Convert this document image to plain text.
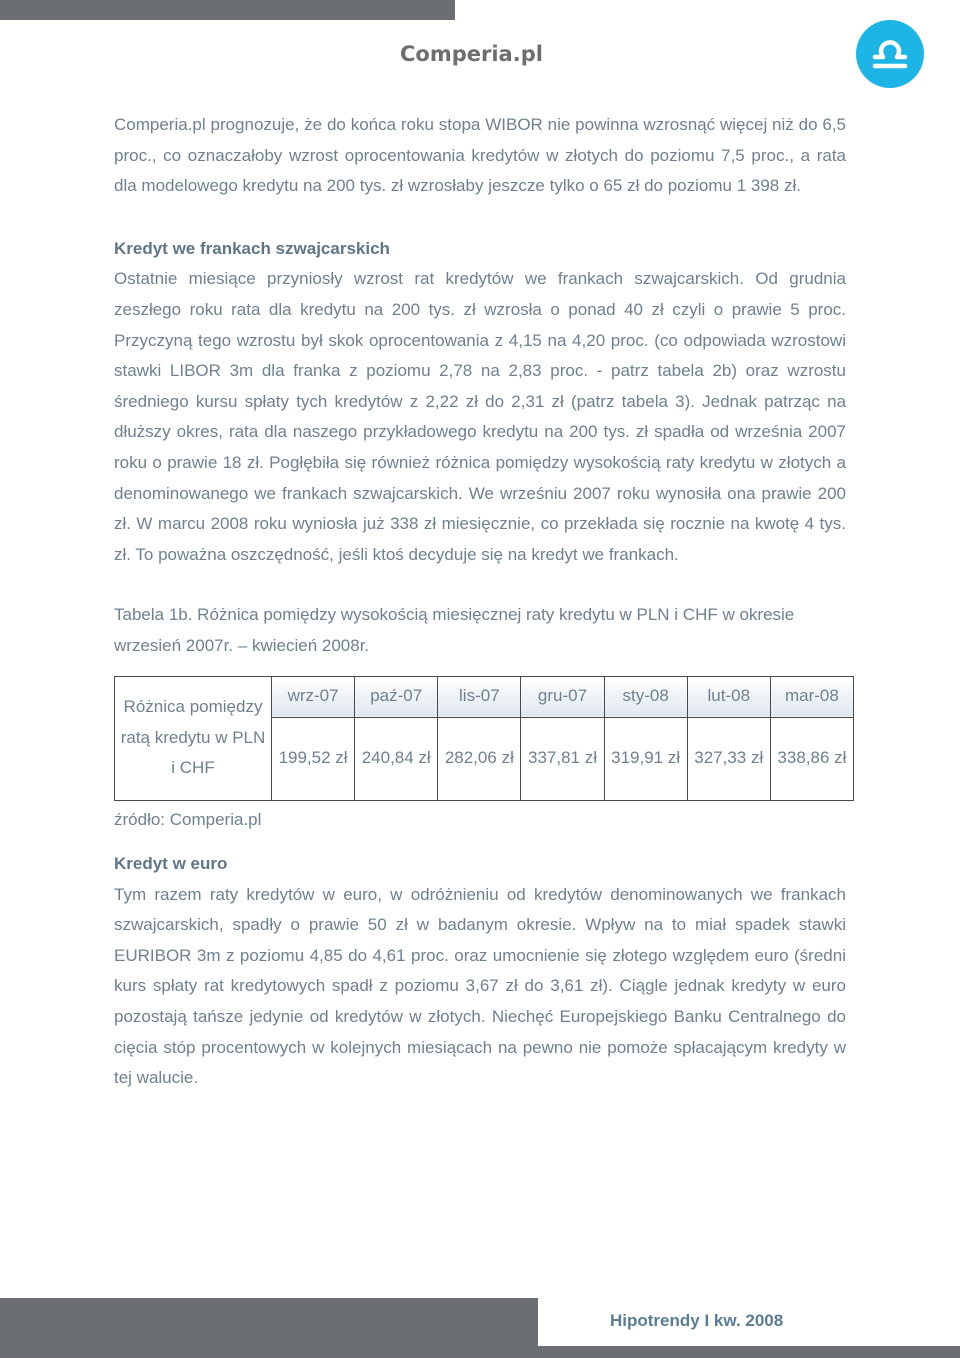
Comperia.pl

Comperia.pl prognozuje, że do końca roku stopa WIBOR nie powinna wzrosnąć więcej niż do 6,5 proc., co oznaczałoby wzrost oprocentowania kredytów w złotych do poziomu 7,5 proc., a rata dla modelowego kredytu na 200 tys. zł wzrosłaby jeszcze tylko o 65 zł do poziomu 1 398 zł.

Kredyt we frankach szwajcarskich

Ostatnie miesiące przyniosły wzrost rat kredytów we frankach szwajcarskich. Od grudnia zeszłego roku rata dla kredytu na 200 tys. zł wzrosła o ponad 40 zł czyli o prawie 5 proc. Przyczyną tego wzrostu był skok oprocentowania z 4,15 na 4,20 proc. (co odpowiada wzrostowi stawki LIBOR 3m dla franka z poziomu 2,78 na 2,83 proc. - patrz tabela 2b) oraz wzrostu średniego kursu spłaty tych kredytów z 2,22 zł do 2,31 zł (patrz tabela 3). Jednak patrząc na dłuższy okres, rata dla naszego przykładowego kredytu na 200 tys. zł spadła od września 2007 roku o prawie 18 zł. Pogłębiła się również różnica pomiędzy wysokością raty kredytu w złotych a denominowanego we frankach szwajcarskich. We wrześniu 2007 roku wynosiła ona prawie 200 zł. W marcu 2008 roku wyniosła już 338 zł miesięcznie, co przekłada się rocznie na kwotę 4 tys. zł. To poważna oszczędność, jeśli ktoś decyduje się na kredyt we frankach.

Tabela 1b. Różnica pomiędzy wysokością miesięcznej raty kredytu w PLN i CHF w okresie wrzesień 2007r. – kwiecień 2008r.

Różnica pomiędzy ratą kredytu w PLN i CHF	wrz-07	paź-07	lis-07	gru-07	sty-08	lut-08	mar-08
	199,52 zł	240,84 zł	282,06 zł	337,81 zł	319,91 zł	327,33 zł	338,86 zł

źródło: Comperia.pl

Kredyt w euro

Tym razem raty kredytów w euro, w odróżnieniu od kredytów denominowanych we frankach szwajcarskich, spadły o prawie 50 zł w badanym okresie. Wpływ na to miał spadek stawki EURIBOR 3m z poziomu 4,85 do 4,61 proc. oraz umocnienie się złotego względem euro (średni kurs spłaty rat kredytowych spadł z poziomu 3,67 zł do 3,61 zł). Ciągle jednak kredyty w euro pozostają tańsze jedynie od kredytów w złotych. Niechęć Europejskiego Banku Centralnego do cięcia stóp procentowych w kolejnych miesiącach na pewno nie pomoże spłacającym kredyty w tej walucie.

Hipotrendy I kw. 2008
